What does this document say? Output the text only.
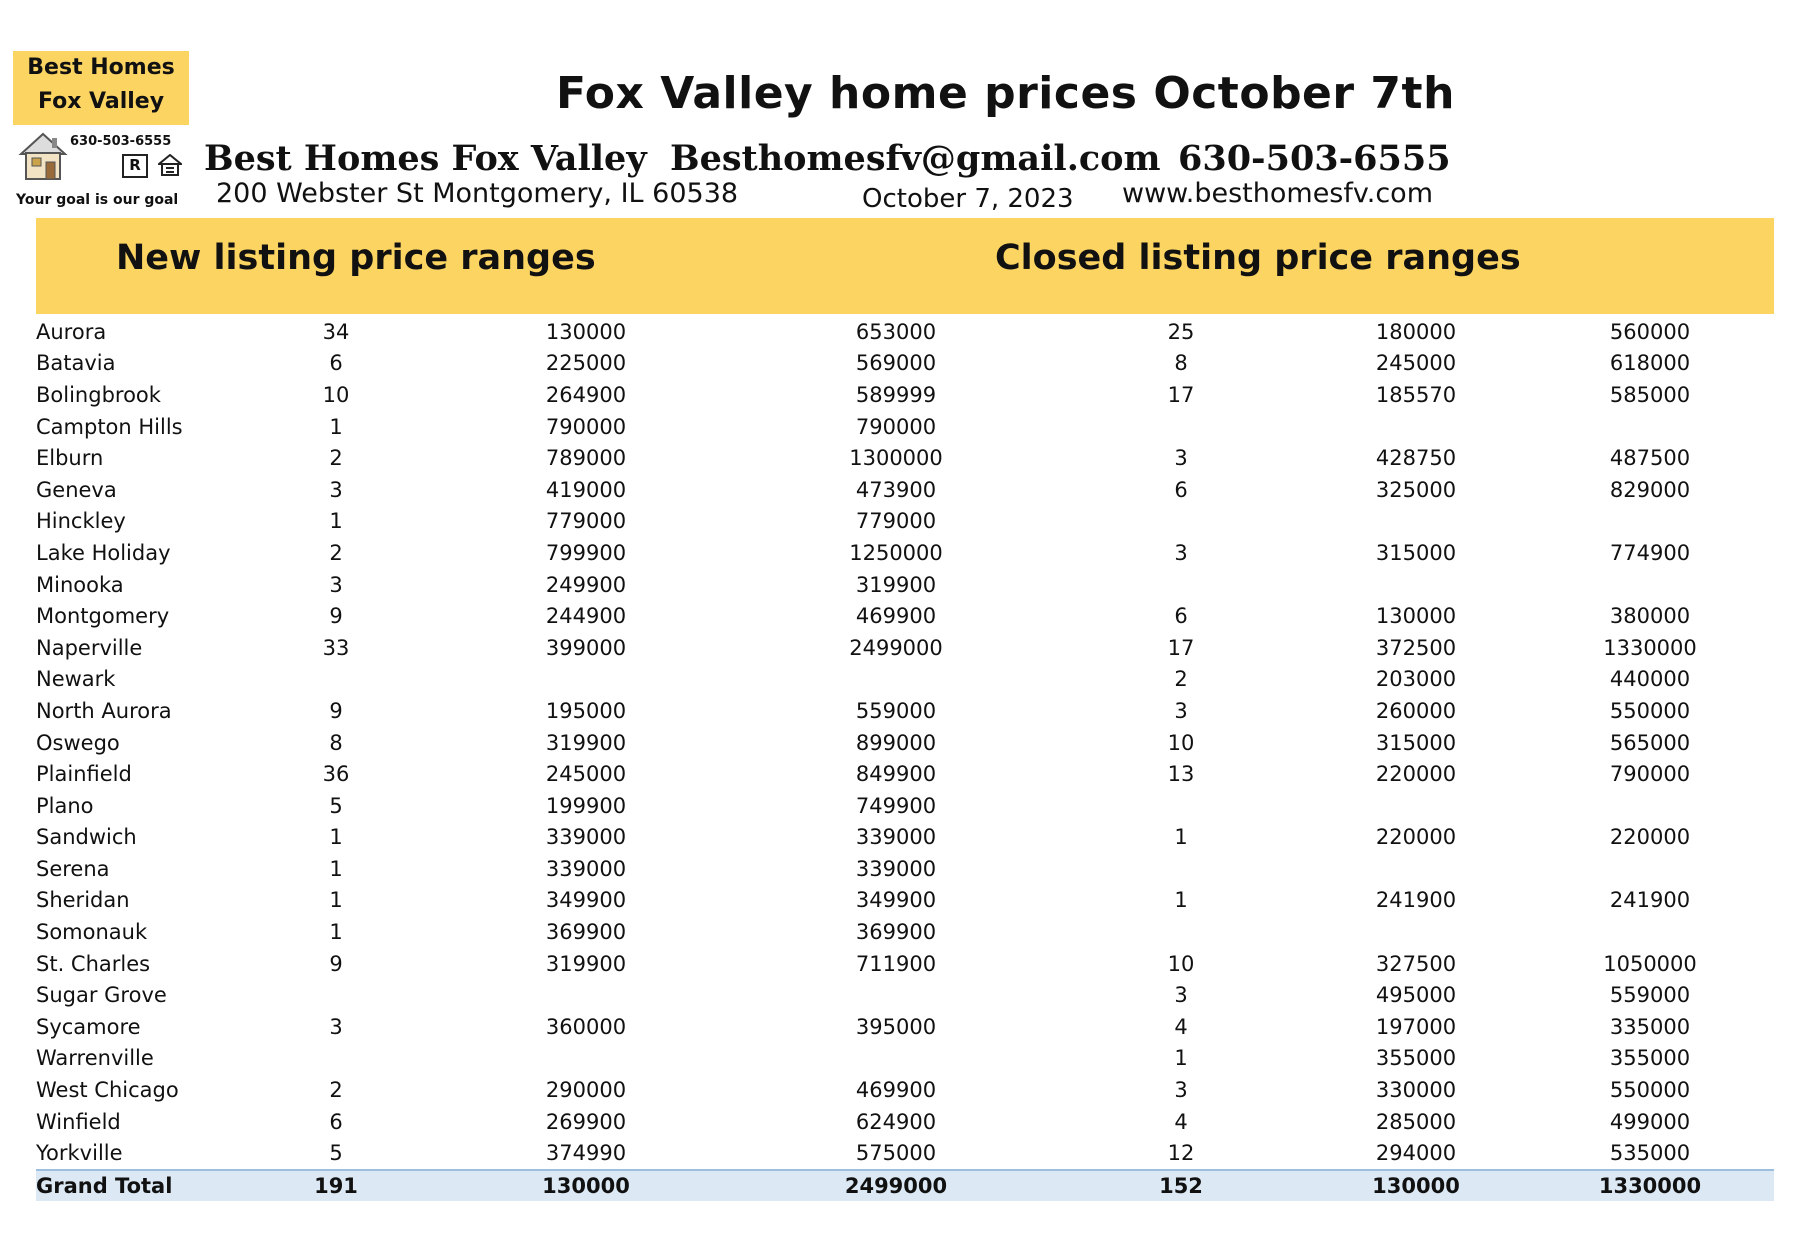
Best Homes
Fox Valley
630-503-6555
R
Your goal is our goal
Fox Valley home prices October 7th
Best Homes Fox Valley Besthomesfv@gmail.com 630-503-6555
200 Webster St Montgomery, IL 60538	October 7, 2023 www.besthomesfv.com
New listing price ranges	Closed listing price ranges
Aurora	34	130000	653000	25	180000	560000
Batavia	6	225000	569000	8	245000	618000
Bolingbrook	10	264900	589999	17	185570	585000
Campton Hills	1	790000	790000			
Elburn	2	789000	1300000	3	428750	487500
Geneva	3	419000	473900	6	325000	829000
Hinckley	1	779000	779000			
Lake Holiday	2	799900	1250000	3	315000	774900
Minooka	3	249900	319900			
Montgomery	9	244900	469900	6	130000	380000
Naperville	33	399000	2499000	17	372500	1330000
Newark				2	203000	440000
North Aurora	9	195000	559000	3	260000	550000
Oswego	8	319900	899000	10	315000	565000
Plainfield	36	245000	849900	13	220000	790000
Plano	5	199900	749900			
Sandwich	1	339000	339000	1	220000	220000
Serena	1	339000	339000			
Sheridan	1	349900	349900	1	241900	241900
Somonauk	1	369900	369900			
St. Charles	9	319900	711900	10	327500	1050000
Sugar Grove				3	495000	559000
Sycamore	3	360000	395000	4	197000	335000
Warrenville				1	355000	355000
West Chicago	2	290000	469900	3	330000	550000
Winfield	6	269900	624900	4	285000	499000
Yorkville	5	374990	575000	12	294000	535000
Grand Total	191	130000	2499000	152	130000	1330000
